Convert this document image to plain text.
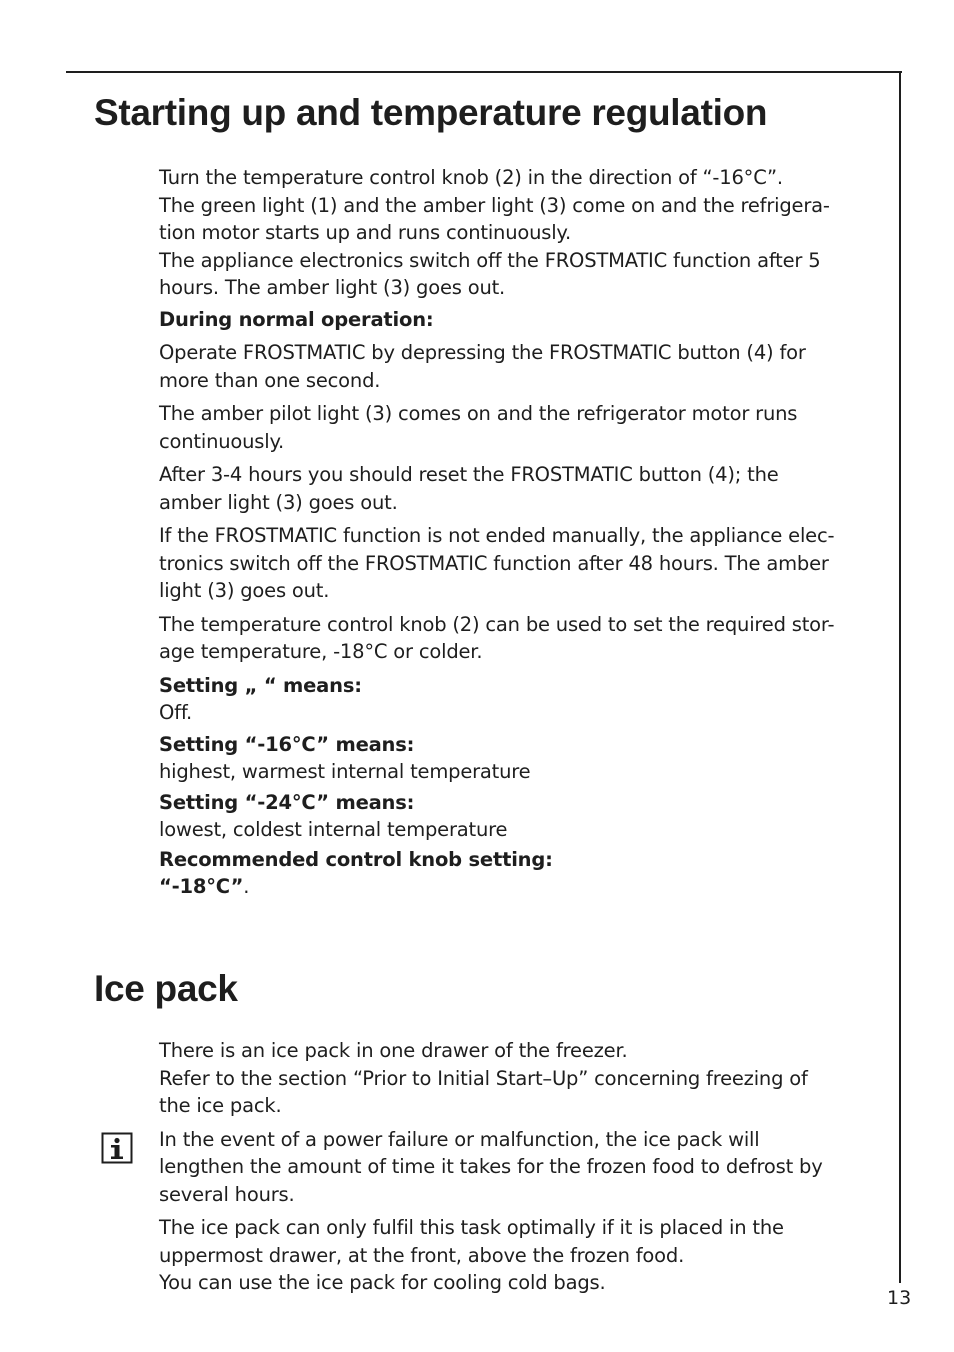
Starting up and temperature regulation

Turn the temperature control knob (2) in the direction of “-16°C”.
The green light (1) and the amber light (3) come on and the refrigera-
tion motor starts up and runs continuously.
The appliance electronics switch off the FROSTMATIC function after 5
hours. The amber light (3) goes out.

During normal operation:

Operate FROSTMATIC by depressing the FROSTMATIC button (4) for
more than one second.

The amber pilot light (3) comes on and the refrigerator motor runs
continuously.

After 3-4 hours you should reset the FROSTMATIC button (4); the
amber light (3) goes out.

If the FROSTMATIC function is not ended manually, the appliance elec-
tronics switch off the FROSTMATIC function after 48 hours. The amber
light (3) goes out.

The temperature control knob (2) can be used to set the required stor-
age temperature, -18°C or colder.

Setting „ “ means:
Off.

Setting “-16°C” means:
highest, warmest internal temperature

Setting “-24°C” means:
lowest, coldest internal temperature

Recommended control knob setting:
“-18°C”.

Ice pack

There is an ice pack in one drawer of the freezer.
Refer to the section “Prior to Initial Start–Up” concerning freezing of
the ice pack.

In the event of a power failure or malfunction, the ice pack will
lengthen the amount of time it takes for the frozen food to defrost by
several hours.

The ice pack can only fulfil this task optimally if it is placed in the
uppermost drawer, at the front, above the frozen food.
You can use the ice pack for cooling cold bags.

13
